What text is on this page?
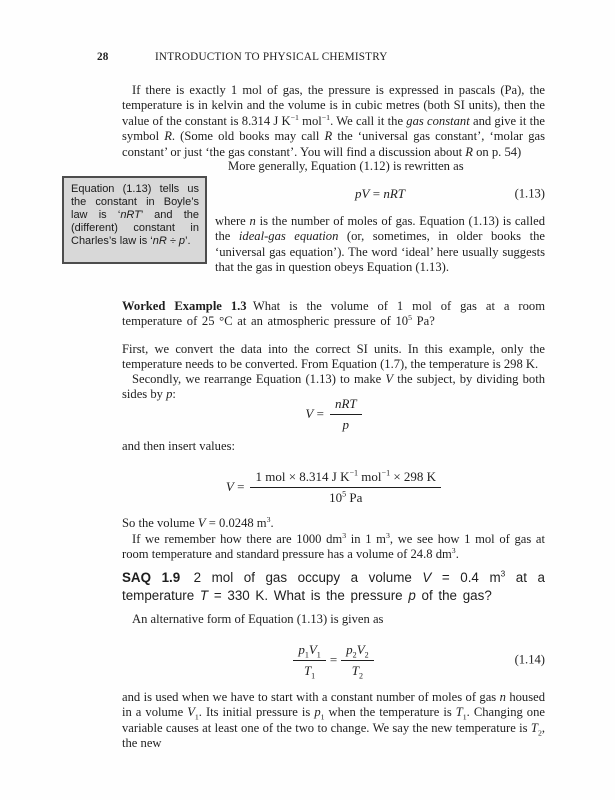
28	INTRODUCTION TO PHYSICAL CHEMISTRY

If there is exactly 1 mol of gas, the pressure is expressed in pascals (Pa), the temperature is in kelvin and the volume is in cubic metres (both SI units), then the value of the constant is 8.314 J $K^{-1}$ mol$^{-1}$. We call it the gas constant and give it the symbol R. (Some old books may call R the ‘universal gas constant’, ‘molar gas constant’ or just ‘the gas constant’. You will find a discussion about R on p. 54)

More generally, Equation (1.12) is rewritten as

Equation (1.13) tells us the constant in Boyle’s law is ‘nRT’ and the (different) constant in Charles’s law is ‘nR ÷ p’.

pV = nRT	(1.13)

where n is the number of moles of gas. Equation (1.13) is called the ideal-gas equation (or, sometimes, in older books the ‘universal gas equation’). The word ‘ideal’ here usually suggests that the gas in question obeys Equation (1.13).

Worked Example 1.3 What is the volume of 1 mol of gas at a room temperature of 25 °C at an atmospheric pressure of $10^5$ Pa?

First, we convert the data into the correct SI units. In this example, only the temperature needs to be converted. From Equation (1.7), the temperature is 298 K.

Secondly, we rearrange Equation (1.13) to make V the subject, by dividing both sides by p:

$V = \frac{\text{nRT}}{p}$

and then insert values:

$V = \frac{1 mol \times 8.314 J K^{-1} mol^{-1} \times 298 K}{10^5 Pa}$

So the volume V = 0.0248 $m^3$.

If we remember how there are 1000 $dm^3$ in 1 $m^3$, we see how 1 mol of gas at room temperature and standard pressure has a volume of 24.8 $dm^3$.

SAQ 1.9 2 mol of gas occupy a volume V = 0.4 $m^3$ at a temperature T = 330 K. What is the pressure p of the gas?

An alternative form of Equation (1.13) is given as

$\frac{p_1V_1}{T_1} = \frac{p_2V_2}{T_2}$	(1.14)

and is used when we have to start with a constant number of moles of gas n housed in a volume $V_1$. Its initial pressure is $p_1$ when the temperature is $T_1$. Changing one variable causes at least one of the two to change. We say the new temperature is $T_2$, the new
